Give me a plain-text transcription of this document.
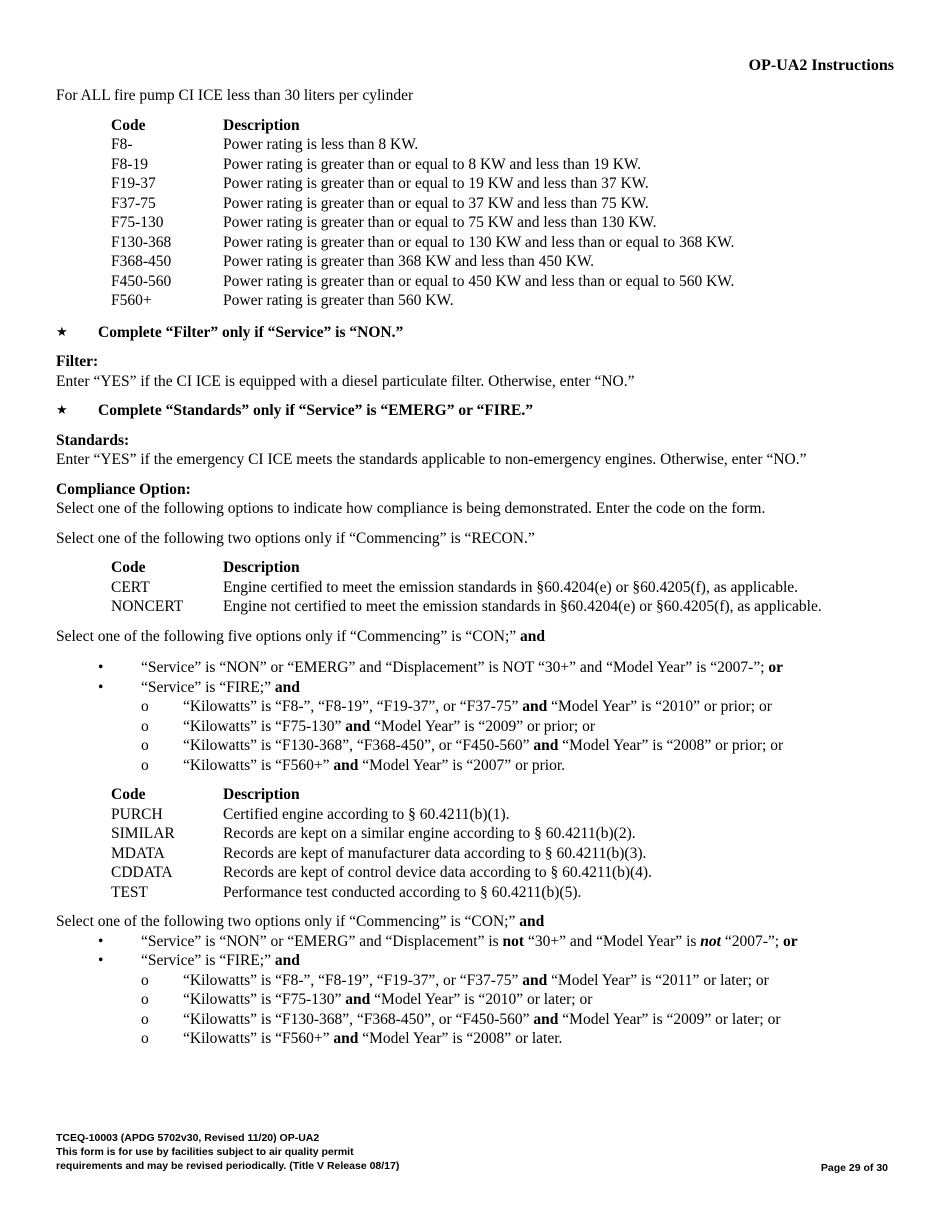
OP-UA2 Instructions

For ALL fire pump CI ICE less than 30 liters per cylinder

Code	Description
F8-	Power rating is less than 8 KW.
F8-19	Power rating is greater than or equal to 8 KW and less than 19 KW.
F19-37	Power rating is greater than or equal to 19 KW and less than 37 KW.
F37-75	Power rating is greater than or equal to 37 KW and less than 75 KW.
F75-130	Power rating is greater than or equal to 75 KW and less than 130 KW.
F130-368	Power rating is greater than or equal to 130 KW and less than or equal to 368 KW.
F368-450	Power rating is greater than 368 KW and less than 450 KW.
F450-560	Power rating is greater than or equal to 450 KW and less than or equal to 560 KW.
F560+	Power rating is greater than 560 KW.
★ Complete “Filter” only if “Service” is “NON.”

Filter:

Enter “YES” if the CI ICE is equipped with a diesel particulate filter. Otherwise, enter “NO.”

★ Complete “Standards” only if “Service” is “EMERG” or “FIRE.”

Standards:

Enter “YES” if the emergency CI ICE meets the standards applicable to non-emergency engines. Otherwise, enter “NO.”

Compliance Option:

Select one of the following options to indicate how compliance is being demonstrated. Enter the code on the form.

Select one of the following two options only if “Commencing” is “RECON.”

Code	Description
CERT	Engine certified to meet the emission standards in §60.4204(e) or §60.4205(f), as applicable.
NONCERT	Engine not certified to meet the emission standards in §60.4204(e) or §60.4205(f), as applicable.

Select one of the following five options only if “Commencing” is “CON;” and

• “Service” is “NON” or “EMERG” and “Displacement” is NOT “30+” and “Model Year” is “2007-”; or
• “Service” is “FIRE;” and
o “Kilowatts” is “F8-”, “F8-19”, “F19-37”, or “F37-75” and “Model Year” is “2010” or prior; or
o “Kilowatts” is “F75-130” and “Model Year” is “2009” or prior; or
o “Kilowatts” is “F130-368”, “F368-450”, or “F450-560” and “Model Year” is “2008” or prior; or
o “Kilowatts” is “F560+” and “Model Year” is “2007” or prior.
Code	Description
PURCH	Certified engine according to § 60.4211(b)(1).
SIMILAR	Records are kept on a similar engine according to § 60.4211(b)(2).
MDATA	Records are kept of manufacturer data according to § 60.4211(b)(3).
CDDATA	Records are kept of control device data according to § 60.4211(b)(4).
TEST	Performance test conducted according to § 60.4211(b)(5).

Select one of the following two options only if “Commencing” is “CON;” and

• “Service” is “NON” or “EMERG” and “Displacement” is not “30+” and “Model Year” is not “2007-”; or
• “Service” is “FIRE;” and
o “Kilowatts” is “F8-”, “F8-19”, “F19-37”, or “F37-75” and “Model Year” is “2011” or later; or
o “Kilowatts” is “F75-130” and “Model Year” is “2010” or later; or
o “Kilowatts” is “F130-368”, “F368-450”, or “F450-560” and “Model Year” is “2009” or later; or
o “Kilowatts” is “F560+” and “Model Year” is “2008” or later.
TCEQ-10003 (APDG 5702v30, Revised 11/20) OP-UA2
This form is for use by facilities subject to air quality permit
requirements and may be revised periodically. (Title V Release 08/17)	Page 29 of 30
